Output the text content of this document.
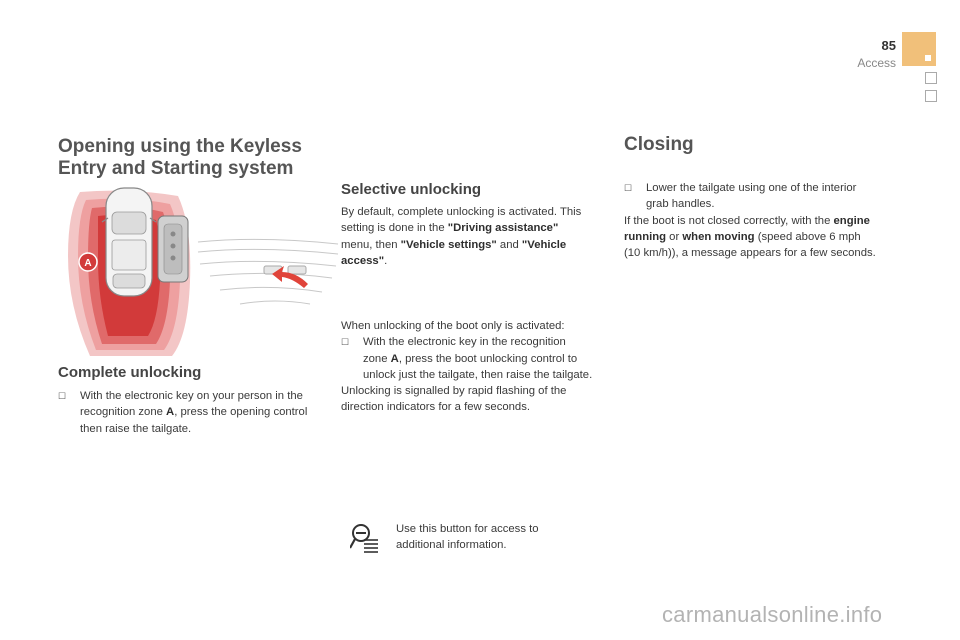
85
Access
Opening using the Keyless
Entry and Starting system
A
Complete unlocking

☐ With the electronic key on your person in the recognition zone A, press the opening control then raise the tailgate.

Selective unlocking

By default, complete unlocking is activated. This setting is done in the "Driving assistance" menu, then "Vehicle settings" and "Vehicle access".

When unlocking of the boot only is activated:

☐ With the electronic key in the recognition zone A, press the boot unlocking control to unlock just the tailgate, then raise the tailgate.

Unlocking is signalled by rapid flashing of the direction indicators for a few seconds.

Use this button for access to additional information.

Closing

☐ Lower the tailgate using one of the interior grab handles.

If the boot is not closed correctly, with the engine running or when moving (speed above 6 mph (10 km/h)), a message appears for a few seconds.

carmanualsonline.info
